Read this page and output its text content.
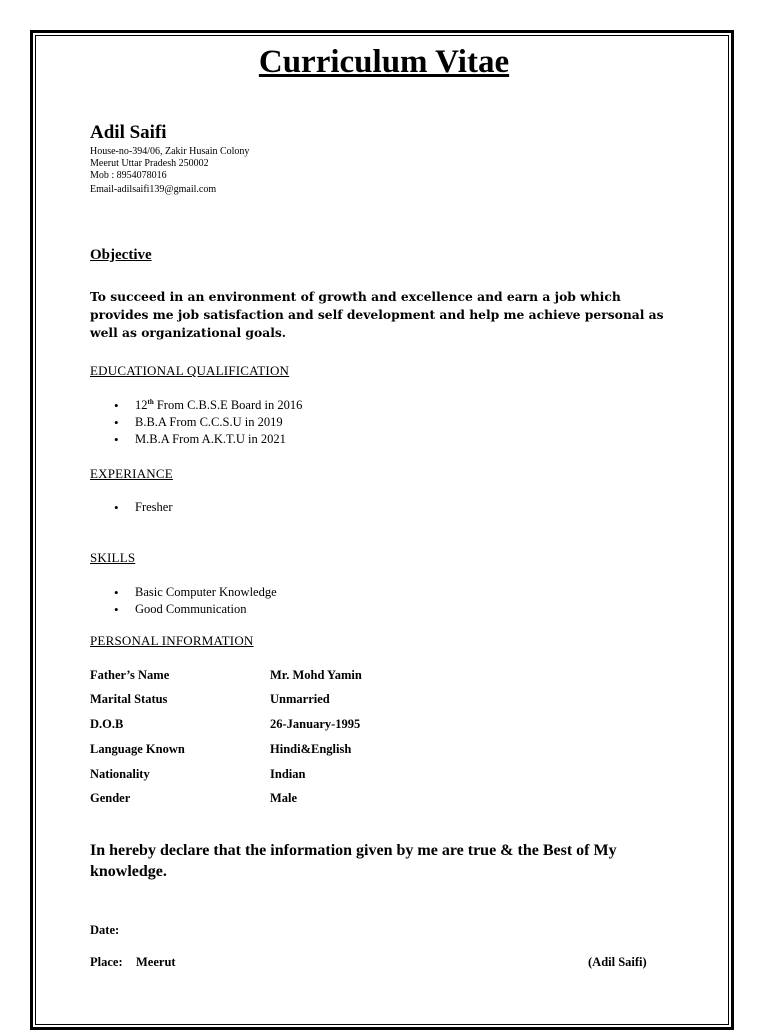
Curriculum Vitae
Adil Saifi
House-no-394/06, Zakir Husain Colony
Meerut Uttar Pradesh 250002
Mob : 8954078016
Email-adilsaifi139@gmail.com
Objective
To succeed in an environment of growth and excellence and earn a job which provides me job satisfaction and self development and help me achieve personal as well as organizational goals.
EDUCATIONAL QUALIFICATION
• 12th From C.B.S.E Board in 2016
• B.B.A From C.C.S.U in 2019
• M.B.A From A.K.T.U in 2021
EXPERIANCE
• Fresher
SKILLS
• Basic Computer Knowledge
• Good Communication
PERSONAL INFORMATION
Father’s Name	Mr. Mohd Yamin
Marital Status	Unmarried
D.O.B	26-January-1995
Language Known	Hindi&English
Nationality	Indian
Gender	Male
In hereby declare that the information given by me are true & the Best of My knowledge.
Date:
Place: Meerut	(Adil Saifi)
